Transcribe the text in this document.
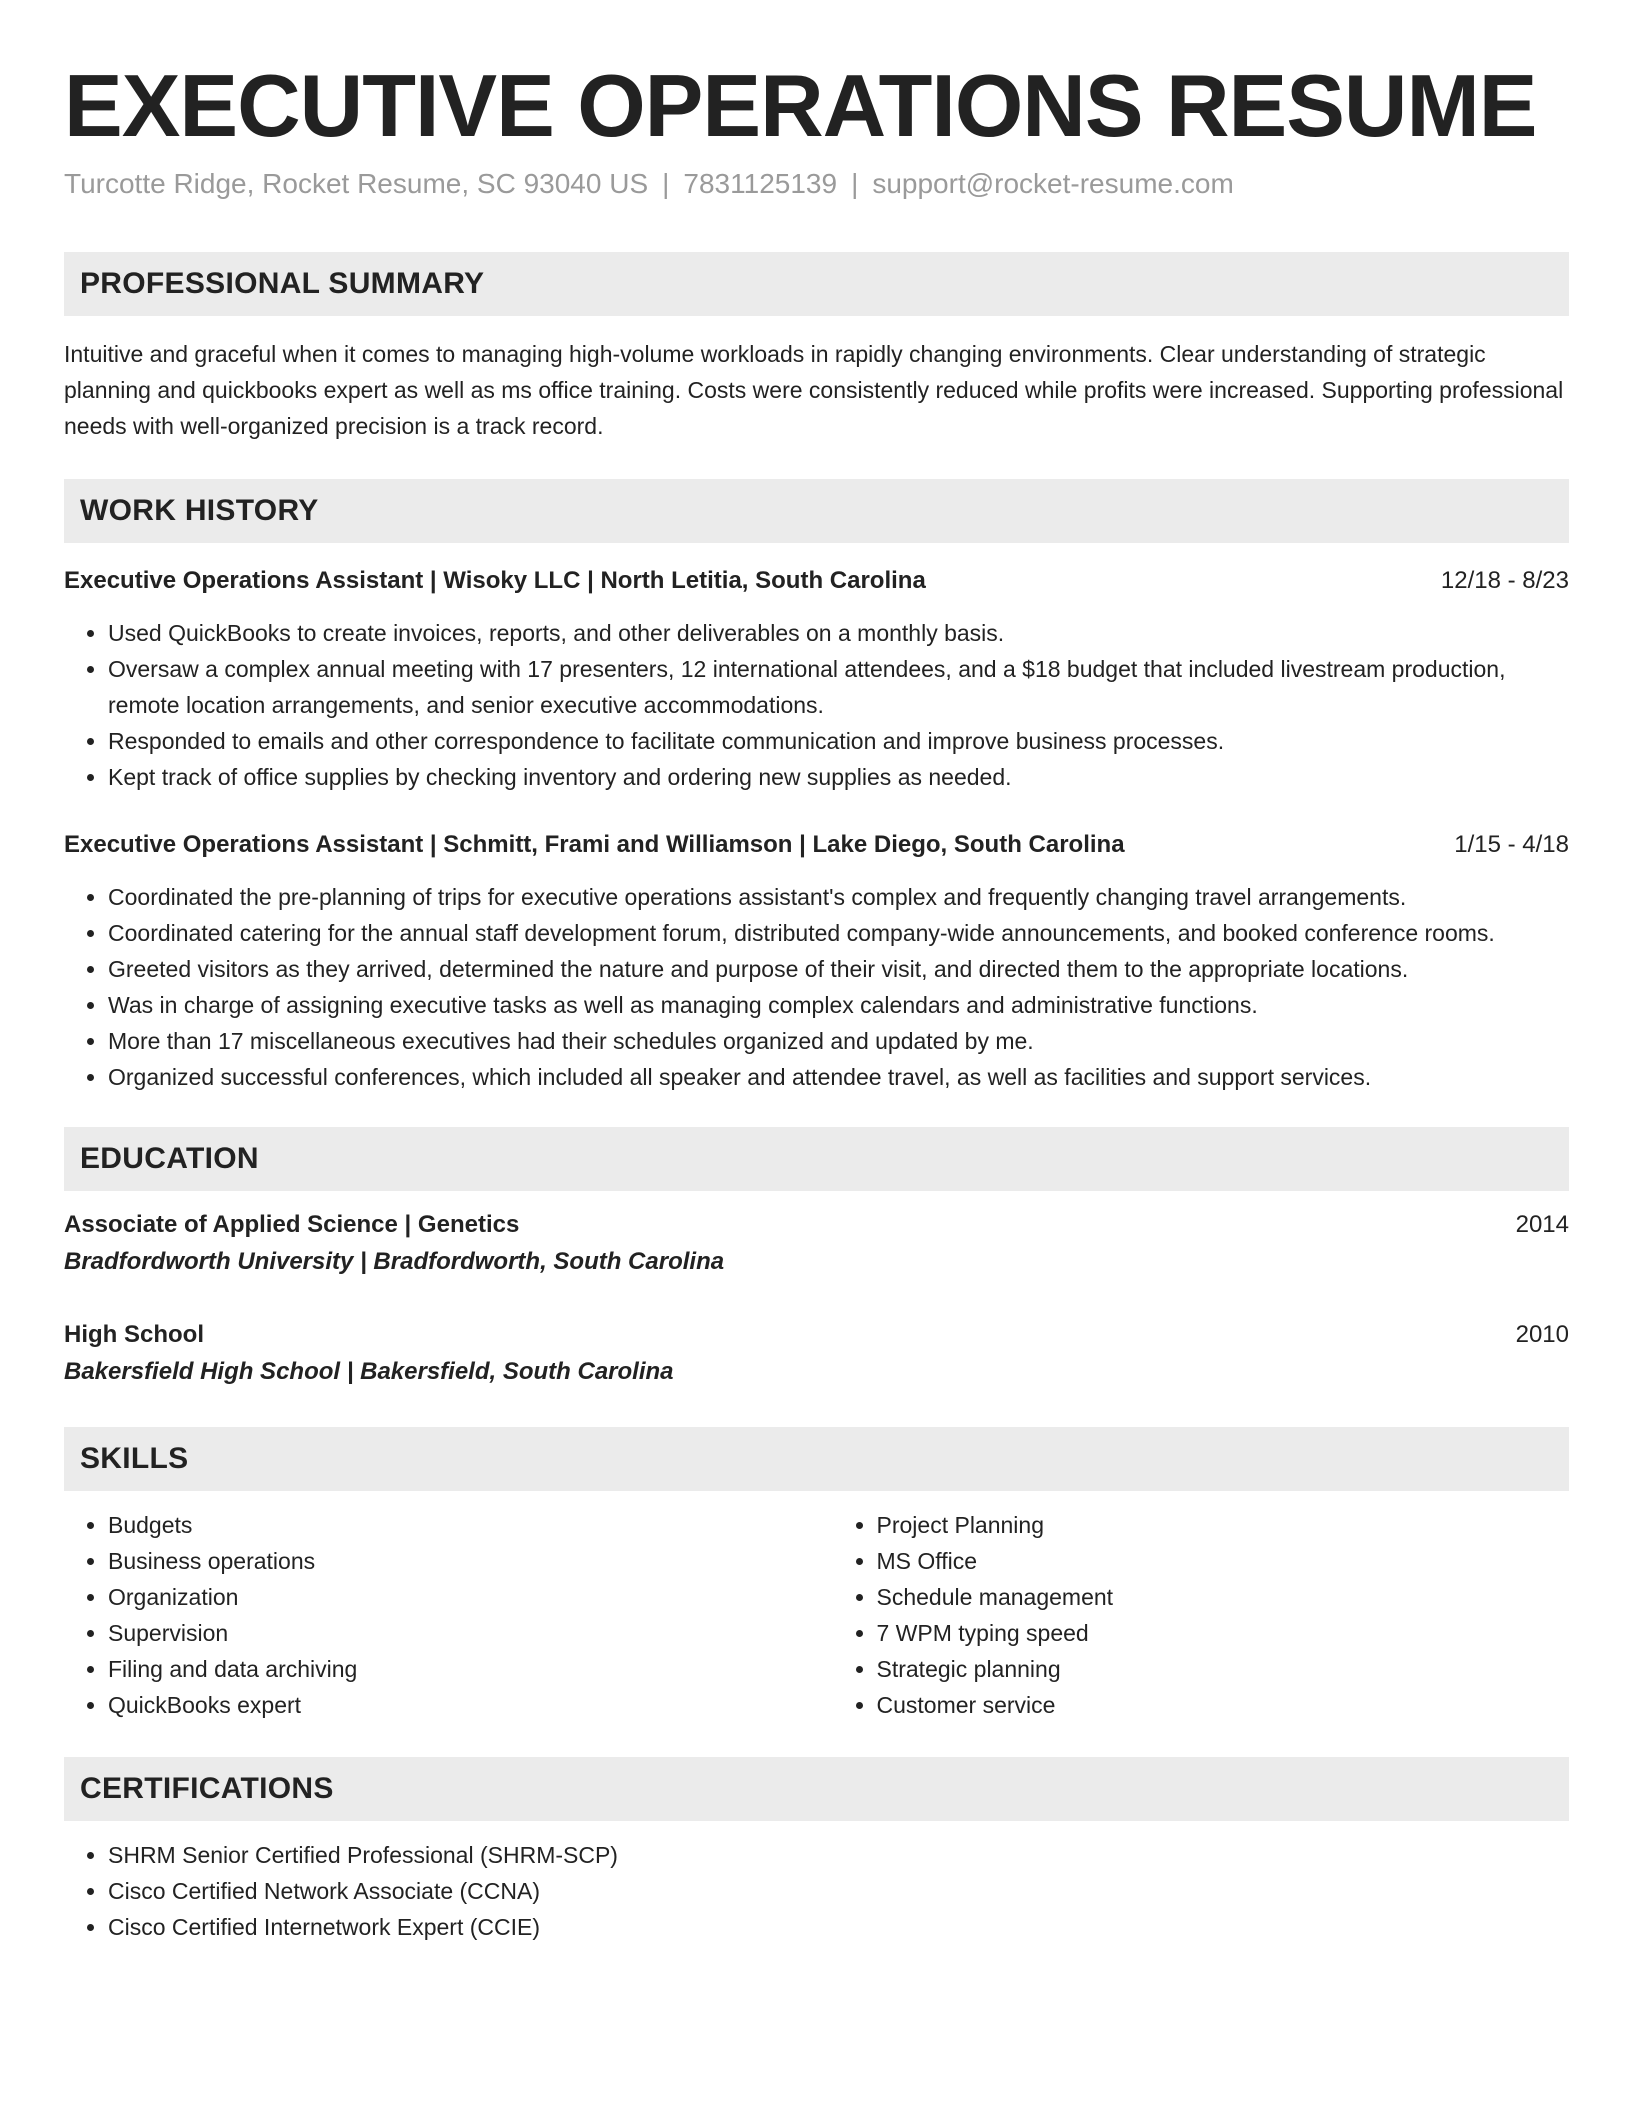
EXECUTIVE OPERATIONS RESUME
Turcotte Ridge, Rocket Resume, SC 93040 US | 7831125139 | support@rocket-resume.com
PROFESSIONAL SUMMARY

Intuitive and graceful when it comes to managing high-volume workloads in rapidly changing environments. Clear understanding of strategic planning and quickbooks expert as well as ms office training. Costs were consistently reduced while profits were increased. Supporting professional needs with well-organized precision is a track record.

WORK HISTORY
Executive Operations Assistant | Wisoky LLC | North Letitia, South Carolina	12/18 - 8/23
• Used QuickBooks to create invoices, reports, and other deliverables on a monthly basis.
• Oversaw a complex annual meeting with 17 presenters, 12 international attendees, and a $18 budget that included livestream production, remote location arrangements, and senior executive accommodations.
• Responded to emails and other correspondence to facilitate communication and improve business processes.
• Kept track of office supplies by checking inventory and ordering new supplies as needed.
Executive Operations Assistant | Schmitt, Frami and Williamson | Lake Diego, South Carolina	1/15 - 4/18
• Coordinated the pre-planning of trips for executive operations assistant's complex and frequently changing travel arrangements.
• Coordinated catering for the annual staff development forum, distributed company-wide announcements, and booked conference rooms.
• Greeted visitors as they arrived, determined the nature and purpose of their visit, and directed them to the appropriate locations.
• Was in charge of assigning executive tasks as well as managing complex calendars and administrative functions.
• More than 17 miscellaneous executives had their schedules organized and updated by me.
• Organized successful conferences, which included all speaker and attendee travel, as well as facilities and support services.
EDUCATION
Associate of Applied Science | Genetics	2014
Bradfordworth University | Bradfordworth, South Carolina
High School	2010
Bakersfield High School | Bakersfield, South Carolina
SKILLS
• Budgets
• Business operations
• Organization
• Supervision
• Filing and data archiving
• QuickBooks expert
• Project Planning
• MS Office
• Schedule management
• 7 WPM typing speed
• Strategic planning
• Customer service
CERTIFICATIONS
• SHRM Senior Certified Professional (SHRM-SCP)
• Cisco Certified Network Associate (CCNA)
• Cisco Certified Internetwork Expert (CCIE)
